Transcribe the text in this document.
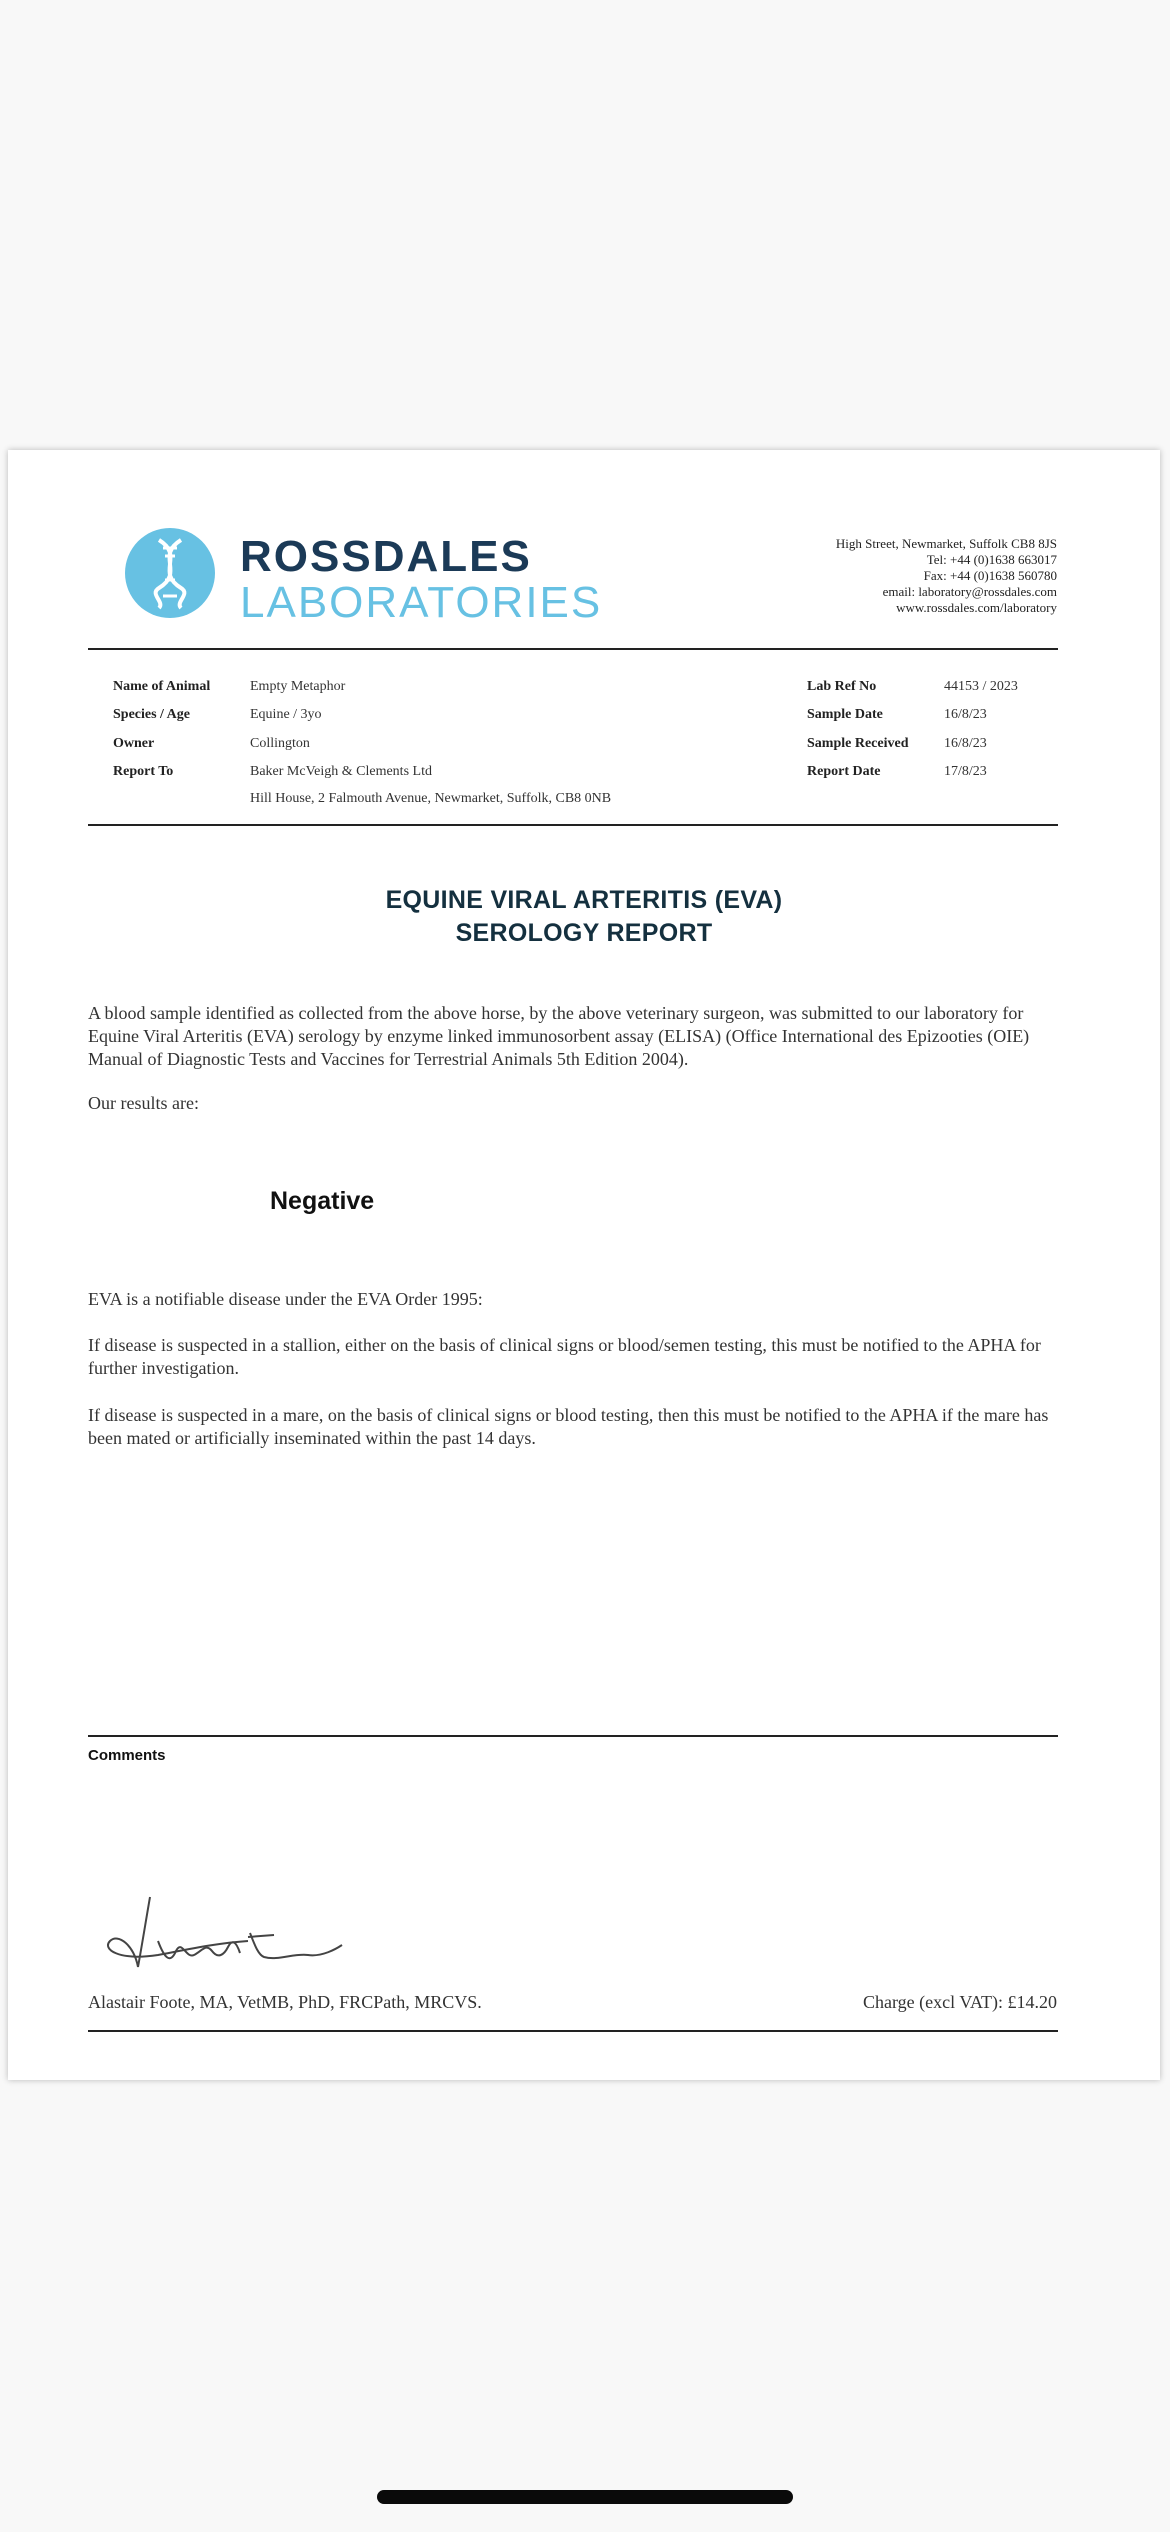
ROSSDALES
LABORATORIES
High Street, Newmarket, Suffolk CB8 8JS
Tel: +44 (0)1638 663017
Fax: +44 (0)1638 560780
email: laboratory@rossdales.com
www.rossdales.com/laboratory
Name of Animal	Empty Metaphor
Species / Age	Equine / 3yo
Owner	Collington
Report To	Baker McVeigh & Clements Ltd
Hill House, 2 Falmouth Avenue, Newmarket, Suffolk, CB8 0NB
Lab Ref No	44153 / 2023
Sample Date	16/8/23
Sample Received	16/8/23
Report Date	17/8/23
EQUINE VIRAL ARTERITIS (EVA)
SEROLOGY REPORT
A blood sample identified as collected from the above horse, by the above veterinary surgeon, was submitted to our laboratory for Equine Viral Arteritis (EVA) serology by enzyme linked immunosorbent assay (ELISA) (Office International des Epizooties (OIE) Manual of Diagnostic Tests and Vaccines for Terrestrial Animals 5th Edition 2004).
Our results are:
Negative
EVA is a notifiable disease under the EVA Order 1995:
If disease is suspected in a stallion, either on the basis of clinical signs or blood/semen testing, this must be notified to the APHA for further investigation.
If disease is suspected in a mare, on the basis of clinical signs or blood testing, then this must be notified to the APHA if the mare has been mated or artificially inseminated within the past 14 days.
Comments
Alastair Foote, MA, VetMB, PhD, FRCPath, MRCVS.	Charge (excl VAT): £14.20
